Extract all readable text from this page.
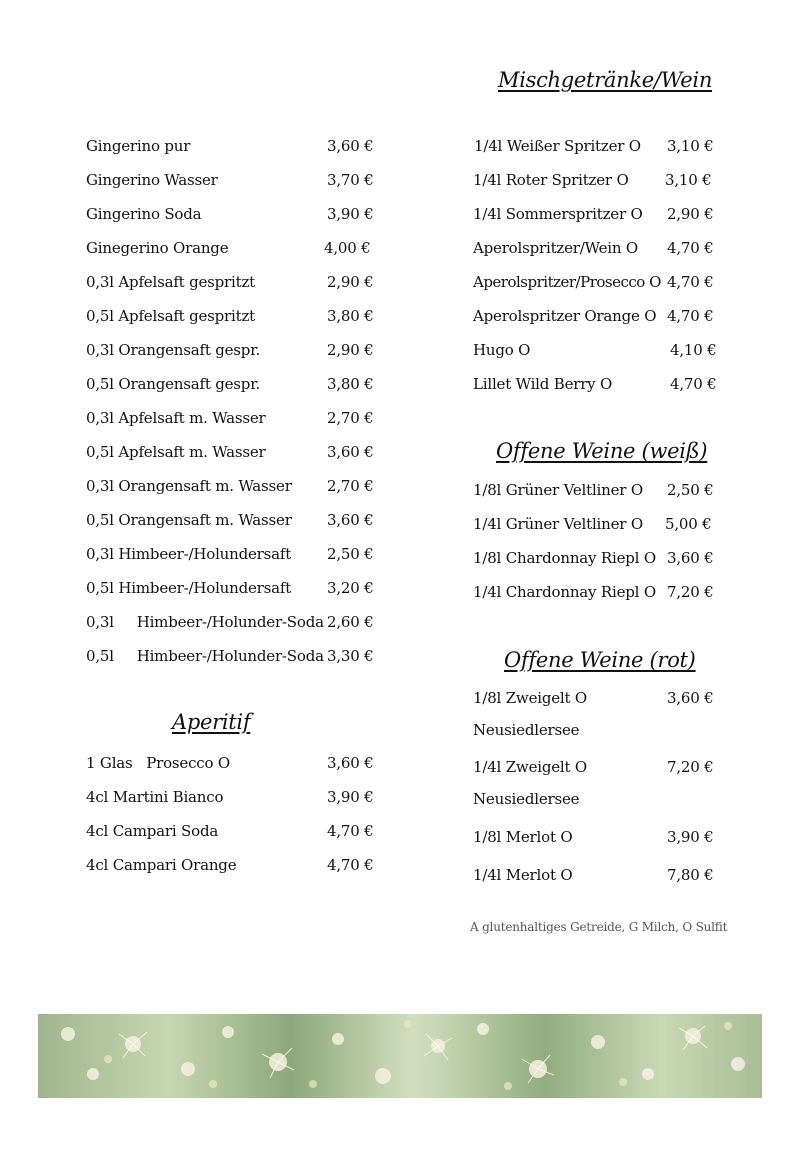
Mischgetränke/Wein
Aperitif
Offene Weine (weiß)
Offene Weine (rot)
Gingerino pur	3,60 €
Gingerino Wasser	3,70 €
Gingerino Soda	3,90 €
Ginegerino Orange	4,00 €
0,3l Apfelsaft gespritzt	2,90 €
0,5l Apfelsaft gespritzt	3,80 €
0,3l Orangensaft gespr.	2,90 €
0,5l Orangensaft gespr.	3,80 €
0,3l Apfelsaft m. Wasser	2,70 €
0,5l Apfelsaft m. Wasser	3,60 €
0,3l Orangensaft m. Wasser 2,70 €
0,5l Orangensaft m. Wasser 3,60 €
0,3l Himbeer-/Holundersaft 2,50 €
0,5l Himbeer-/Holundersaft 3,20 €
0,3l     Himbeer-/Holunder-Soda 2,60 €
0,5l     Himbeer-/Holunder-Soda 3,30 €
1 Glas   Prosecco O	3,60 €
4cl Martini Bianco	3,90 €
4cl Campari Soda	4,70 €
4cl Campari Orange	4,70 €
1/4l Weißer Spritzer O 3,10 €
1/4l Roter Spritzer O 3,10 €
1/4l Sommerspritzer O 2,90 €
Aperolspritzer/Wein O 4,70 €
Aperolspritzer/Prosecco O 4,70 €
Aperolspritzer Orange O 4,70 €
Hugo O	4,10 €
Lillet Wild Berry O	4,70 €
1/8l Grüner Veltliner O 2,50 €
1/4l Grüner Veltliner O 5,00 €
1/8l Chardonnay Riepl O 3,60 €
1/4l Chardonnay Riepl O 7,20 €
1/8l Zweigelt O	3,60 €
Neusiedlersee
1/4l Zweigelt O	7,20 €
Neusiedlersee
1/8l Merlot O	3,90 €
1/4l Merlot O	7,80 €
A glutenhaltiges Getreide, G Milch, O Sulfit
